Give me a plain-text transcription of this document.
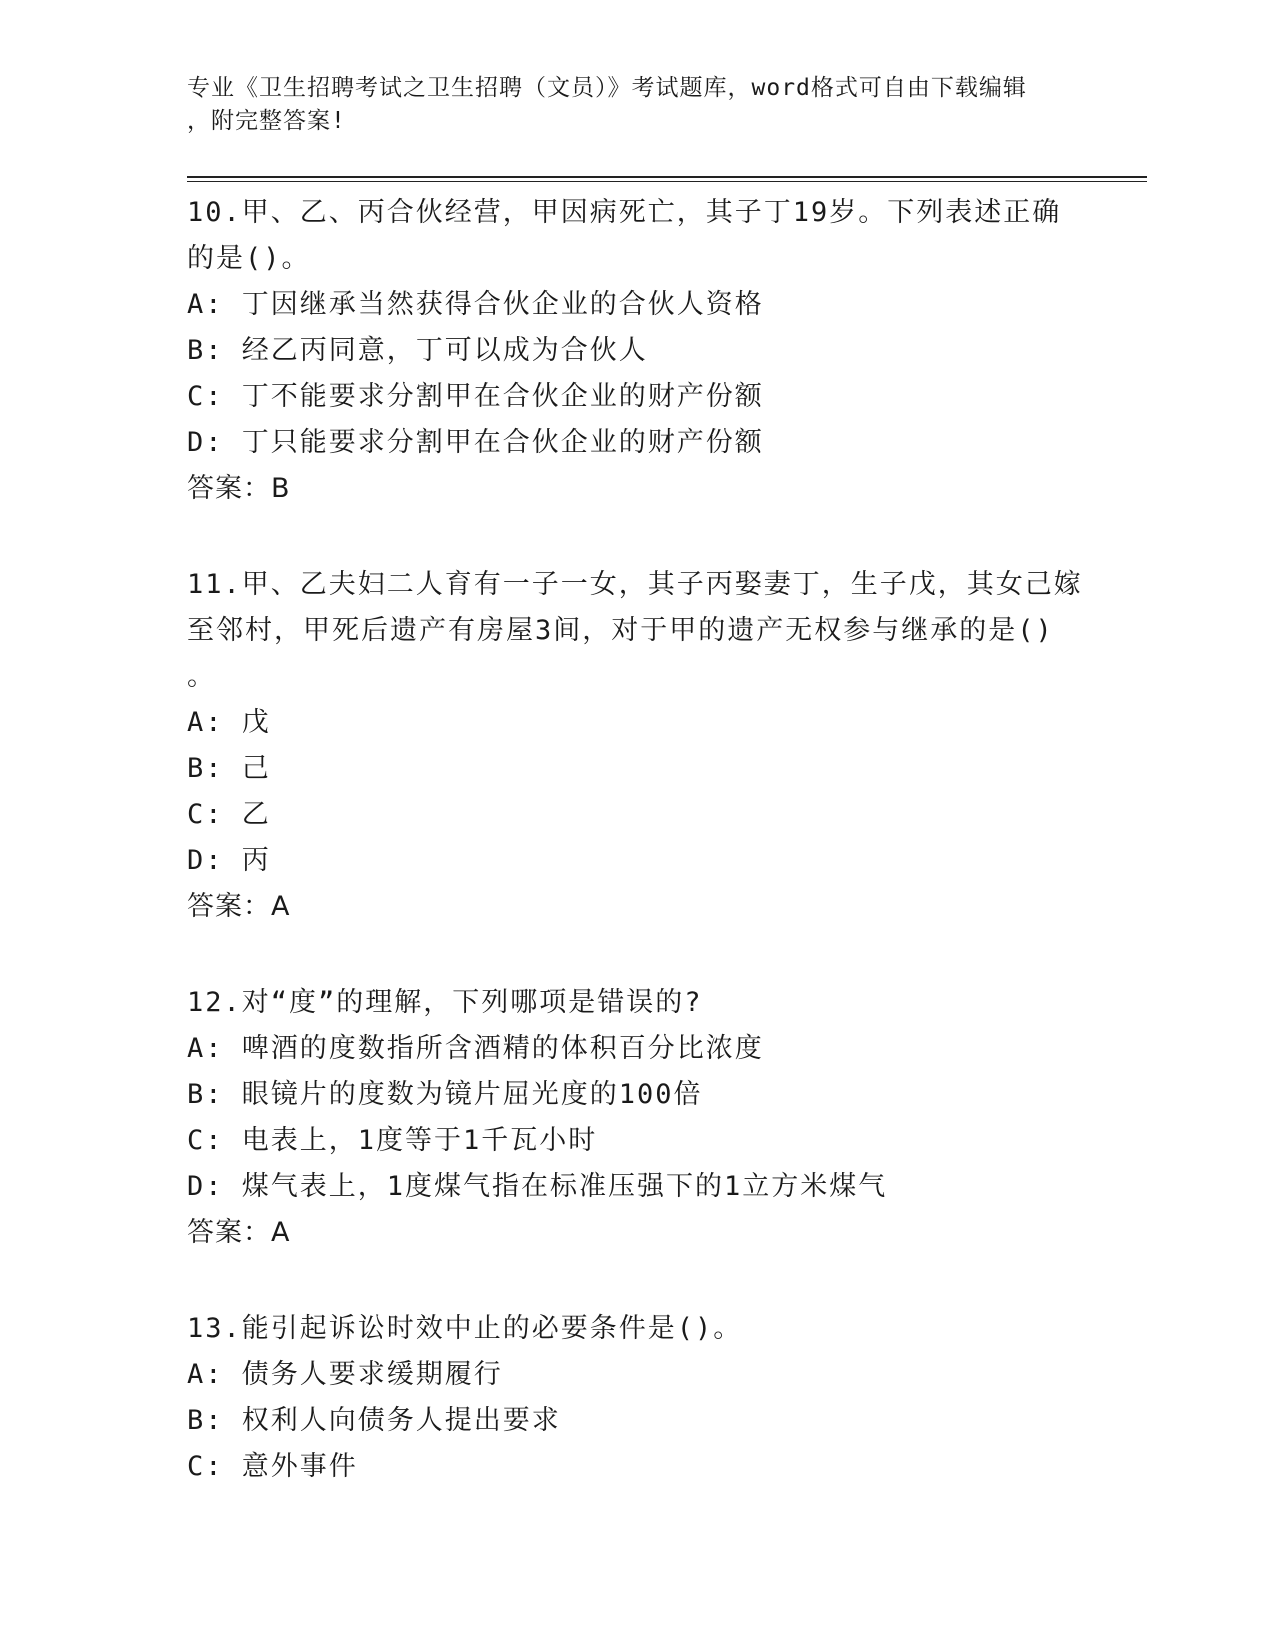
专业《卫生招聘考试之卫生招聘（文员）》考试题库，word格式可自由下载编辑
，附完整答案!
10.甲、乙、丙合伙经营，甲因病死亡，其子丁19岁。下列表述正确
的是()。
A: 丁因继承当然获得合伙企业的合伙人资格
B: 经乙丙同意，丁可以成为合伙人
C: 丁不能要求分割甲在合伙企业的财产份额
D: 丁只能要求分割甲在合伙企业的财产份额
答案：B
11.甲、乙夫妇二人育有一子一女，其子丙娶妻丁，生子戊，其女己嫁
至邻村，甲死后遗产有房屋3间，对于甲的遗产无权参与继承的是()
。
A: 戊
B: 己
C: 乙
D: 丙
答案：A
12.对“度”的理解，下列哪项是错误的?
A: 啤酒的度数指所含酒精的体积百分比浓度
B: 眼镜片的度数为镜片屈光度的100倍
C: 电表上，1度等于1千瓦小时
D: 煤气表上，1度煤气指在标准压强下的1立方米煤气
答案：A
13.能引起诉讼时效中止的必要条件是()。
A: 债务人要求缓期履行
B: 权利人向债务人提出要求
C: 意外事件
